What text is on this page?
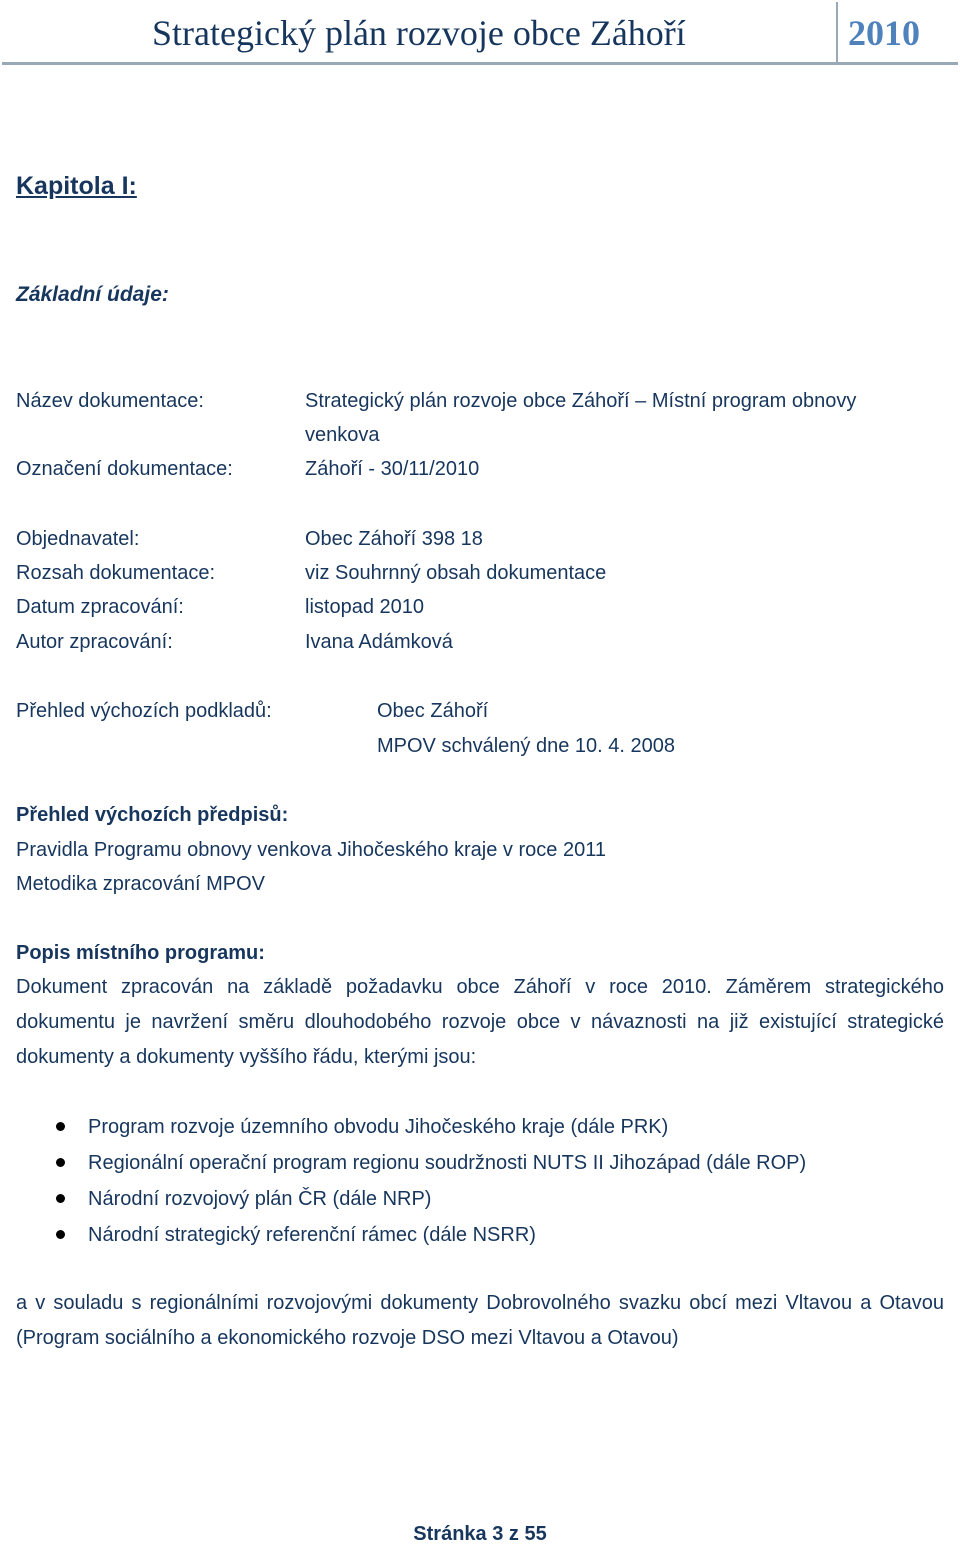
Strategický plán rozvoje obce Záhoří	2010
Kapitola I:
Základní údaje:
Název dokumentace:	Strategický plán rozvoje obce Záhoří – Místní program obnovy
venkova
Označení dokumentace:	Záhoří - 30/11/2010
Objednavatel:	Obec Záhoří 398 18
Rozsah dokumentace:	viz Souhrnný obsah dokumentace
Datum zpracování:	listopad 2010
Autor zpracování:	Ivana Adámková
Přehled výchozích podkladů:	Obec Záhoří
MPOV schválený dne 10. 4. 2008
Přehled výchozích předpisů:
Pravidla Programu obnovy venkova Jihočeského kraje v roce 2011
Metodika zpracování MPOV
Popis místního programu:
Dokument zpracován na základě požadavku obce Záhoří v roce 2010. Záměrem strategického dokumentu je navržení směru dlouhodobého rozvoje obce v návaznosti na již existující strategické dokumenty a dokumenty vyššího řádu, kterými jsou:
Program rozvoje územního obvodu Jihočeského kraje (dále PRK)
Regionální operační program regionu soudržnosti NUTS II Jihozápad (dále ROP)
Národní rozvojový plán ČR (dále NRP)
Národní strategický referenční rámec (dále NSRR)
a v souladu s regionálními rozvojovými dokumenty Dobrovolného svazku obcí mezi Vltavou a Otavou (Program sociálního a ekonomického rozvoje DSO mezi Vltavou a Otavou)
Stránka 3 z 55
